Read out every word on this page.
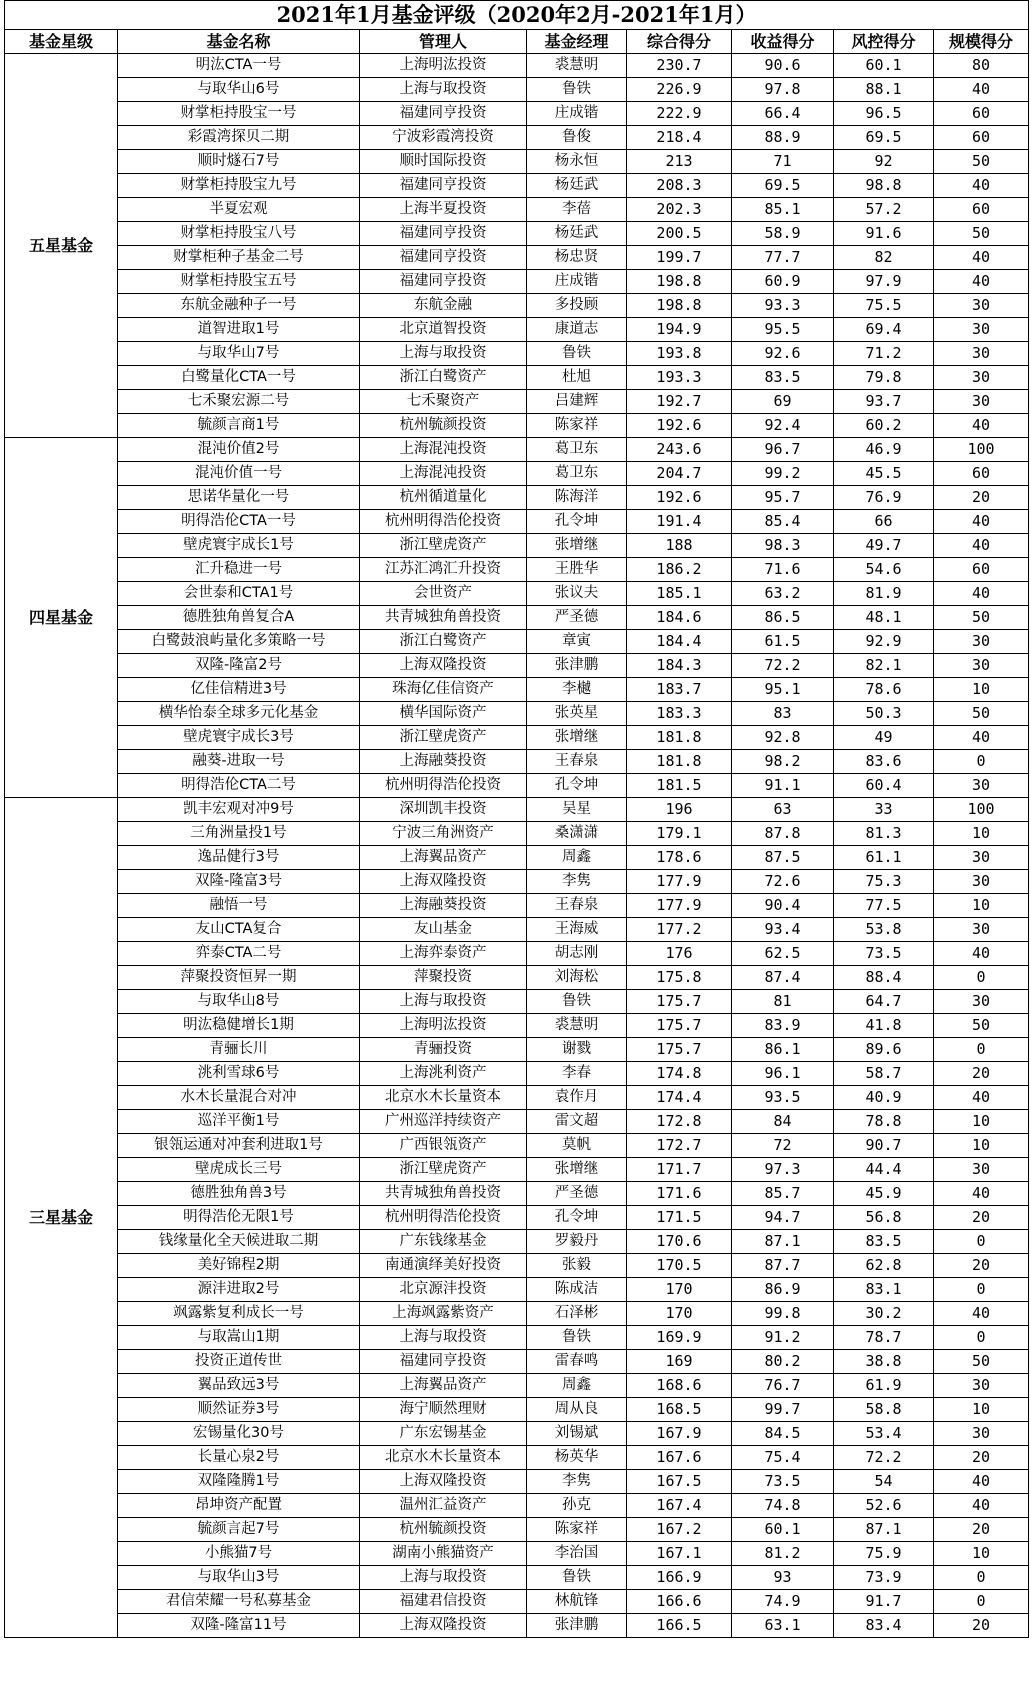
2021年1月基金评级（2020年2月-2021年1月）							
基金星级	基金名称	管理人	基金经理	综合得分	收益得分	风控得分	规模得分
五星基金	明汯CTA一号	上海明汯投资	裘慧明	230.7	90.6	60.1	80
	与取华山6号	上海与取投资	鲁铁	226.9	97.8	88.1	40
	财掌柜持股宝一号	福建同亨投资	庄成锴	222.9	66.4	96.5	60
	彩霞湾探贝二期	宁波彩霞湾投资	鲁俊	218.4	88.9	69.5	60
	顺时燧石7号	顺时国际投资	杨永恒	213	71	92	50
	财掌柜持股宝九号	福建同亨投资	杨廷武	208.3	69.5	98.8	40
	半夏宏观	上海半夏投资	李蓓	202.3	85.1	57.2	60
	财掌柜持股宝八号	福建同亨投资	杨廷武	200.5	58.9	91.6	50
	财掌柜种子基金二号	福建同亨投资	杨忠贤	199.7	77.7	82	40
	财掌柜持股宝五号	福建同亨投资	庄成锴	198.8	60.9	97.9	40
	东航金融种子一号	东航金融	多投顾	198.8	93.3	75.5	30
	道智进取1号	北京道智投资	康道志	194.9	95.5	69.4	30
	与取华山7号	上海与取投资	鲁铁	193.8	92.6	71.2	30
	白鹭量化CTA一号	浙江白鹭资产	杜旭	193.3	83.5	79.8	30
	七禾聚宏源二号	七禾聚资产	吕建辉	192.7	69	93.7	30
	毓颜言商1号	杭州毓颜投资	陈家祥	192.6	92.4	60.2	40
四星基金	混沌价值2号	上海混沌投资	葛卫东	243.6	96.7	46.9	100
	混沌价值一号	上海混沌投资	葛卫东	204.7	99.2	45.5	60
	思诺华量化一号	杭州循道量化	陈海洋	192.6	95.7	76.9	20
	明得浩伦CTA一号	杭州明得浩伦投资	孔令坤	191.4	85.4	66	40
	壁虎寰宇成长1号	浙江壁虎资产	张增继	188	98.3	49.7	40
	汇升稳进一号	江苏汇鸿汇升投资	王胜华	186.2	71.6	54.6	60
	会世泰和CTA1号	会世资产	张议夫	185.1	63.2	81.9	40
	德胜独角兽复合A	共青城独角兽投资	严圣德	184.6	86.5	48.1	50
	白鹭鼓浪屿量化多策略一号	浙江白鹭资产	章寅	184.4	61.5	92.9	30
	双隆-隆富2号	上海双隆投资	张津鹏	184.3	72.2	82.1	30
	亿佳信精进3号	珠海亿佳信资产	李樾	183.7	95.1	78.6	10
	横华怡泰全球多元化基金	横华国际资产	张英星	183.3	83	50.3	50
	壁虎寰宇成长3号	浙江壁虎资产	张增继	181.8	92.8	49	40
	融葵-进取一号	上海融葵投资	王春泉	181.8	98.2	83.6	0
	明得浩伦CTA二号	杭州明得浩伦投资	孔令坤	181.5	91.1	60.4	30
三星基金	凯丰宏观对冲9号	深圳凯丰投资	吴星	196	63	33	100
	三角洲量投1号	宁波三角洲资产	桑潇潇	179.1	87.8	81.3	10
	逸品健行3号	上海翼品资产	周鑫	178.6	87.5	61.1	30
	双隆-隆富3号	上海双隆投资	李隽	177.9	72.6	75.3	30
	融悟一号	上海融葵投资	王春泉	177.9	90.4	77.5	10
	友山CTA复合	友山基金	王海威	177.2	93.4	53.8	30
	弈泰CTA二号	上海弈泰资产	胡志刚	176	62.5	73.5	40
	萍聚投资恒昇一期	萍聚投资	刘海松	175.8	87.4	88.4	0
	与取华山8号	上海与取投资	鲁铁	175.7	81	64.7	30
	明汯稳健增长1期	上海明汯投资	裘慧明	175.7	83.9	41.8	50
	青骊长川	青骊投资	谢戮	175.7	86.1	89.6	0
	洮利雪球6号	上海洮利资产	李春	174.8	96.1	58.7	20
	水木长量混合对冲	北京水木长量资本	袁作月	174.4	93.5	40.9	40
	巡洋平衡1号	广州巡洋持续资产	雷文超	172.8	84	78.8	10
	银瓴运通对冲套利进取1号	广西银瓴资产	莫帆	172.7	72	90.7	10
	壁虎成长三号	浙江壁虎资产	张增继	171.7	97.3	44.4	30
	德胜独角兽3号	共青城独角兽投资	严圣德	171.6	85.7	45.9	40
	明得浩伦无限1号	杭州明得浩伦投资	孔令坤	171.5	94.7	56.8	20
	钱缘量化全天候进取二期	广东钱缘基金	罗毅丹	170.6	87.1	83.5	0
	美好锦程2期	南通演绎美好投资	张毅	170.5	87.7	62.8	20
	源沣进取2号	北京源沣投资	陈成洁	170	86.9	83.1	0
	飒露紫复利成长一号	上海飒露紫资产	石泽彬	170	99.8	30.2	40
	与取嵩山1期	上海与取投资	鲁铁	169.9	91.2	78.7	0
	投资正道传世	福建同亨投资	雷春鸣	169	80.2	38.8	50
	翼品致远3号	上海翼品资产	周鑫	168.6	76.7	61.9	30
	顺然证券3号	海宁顺然理财	周从良	168.5	99.7	58.8	10
	宏锡量化30号	广东宏锡基金	刘锡斌	167.9	84.5	53.4	30
	长量心泉2号	北京水木长量资本	杨英华	167.6	75.4	72.2	20
	双隆隆腾1号	上海双隆投资	李隽	167.5	73.5	54	40
	昂坤资产配置	温州汇益资产	孙克	167.4	74.8	52.6	40
	毓颜言起7号	杭州毓颜投资	陈家祥	167.2	60.1	87.1	20
	小熊猫7号	湖南小熊猫资产	李治国	167.1	81.2	75.9	10
	与取华山3号	上海与取投资	鲁铁	166.9	93	73.9	0
	君信荣耀一号私募基金	福建君信投资	林航锋	166.6	74.9	91.7	0
	双隆-隆富11号	上海双隆投资	张津鹏	166.5	63.1	83.4	20
